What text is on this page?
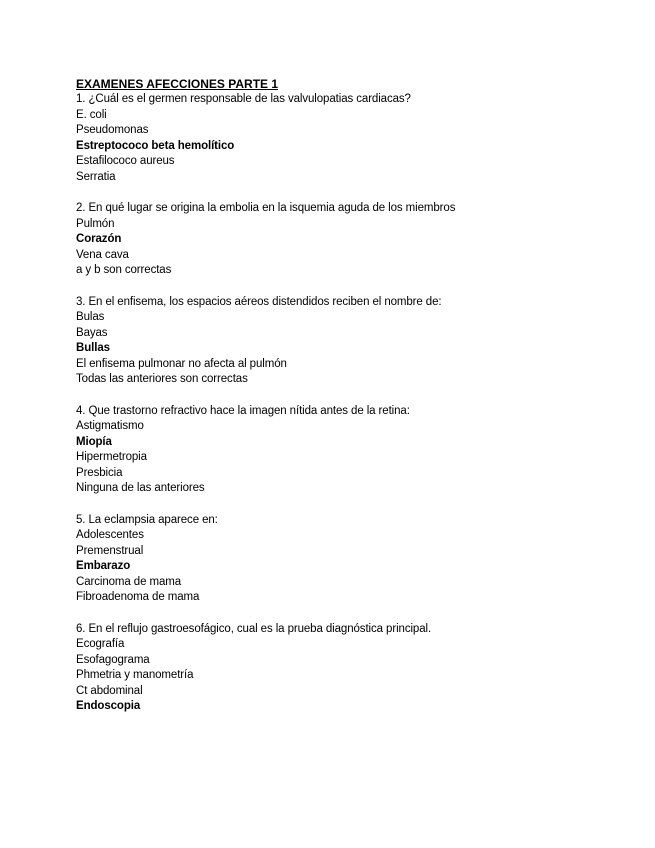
EXAMENES AFECCIONES PARTE 1
1. ¿Cuál es el germen responsable de las valvulopatias cardiacas?
E. coli
Pseudomonas
Estreptococo beta hemolítico
Estafilococo aureus
Serratia
2. En qué lugar se origina la embolia en la isquemia aguda de los miembros
Pulmón
Corazón
Vena cava
a y b son correctas
3. En el enfisema, los espacios aéreos distendidos reciben el nombre de:
Bulas
Bayas
Bullas
El enfisema pulmonar no afecta al pulmón
Todas las anteriores son correctas
4. Que trastorno refractivo hace la imagen nítida antes de la retina:
Astigmatismo
Miopía
Hipermetropia
Presbicia
Ninguna de las anteriores
5. La eclampsia aparece en:
Adolescentes
Premenstrual
Embarazo
Carcinoma de mama
Fibroadenoma de mama
6. En el reflujo gastroesofágico, cual es la prueba diagnóstica principal.
Ecografía
Esofagograma
Phmetria y manometría
Ct abdominal
Endoscopia
